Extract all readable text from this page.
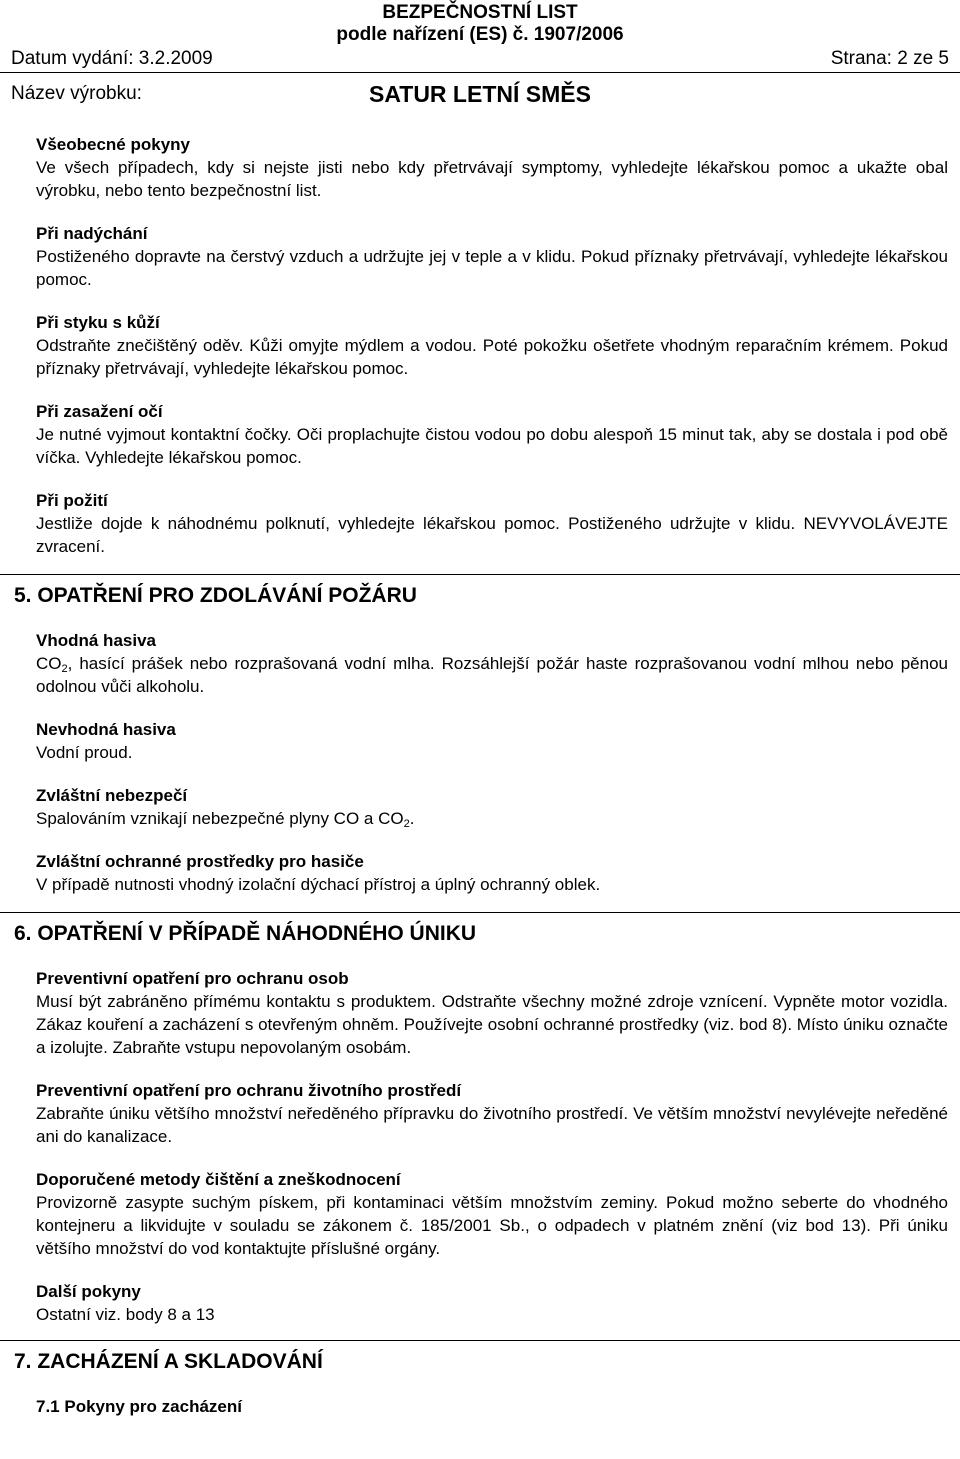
BEZPEČNOSTNÍ LIST
podle nařízení (ES) č. 1907/2006
Datum vydání: 3.2.2009	Strana: 2 ze 5
Název výrobku:	SATUR LETNÍ SMĚS
Všeobecné pokyny

Ve všech případech, kdy si nejste jisti nebo kdy přetrvávají symptomy, vyhledejte lékařskou pomoc a ukažte obal výrobku, nebo tento bezpečnostní list.

Při nadýchání

Postiženého dopravte na čerstvý vzduch a udržujte jej v teple a v klidu. Pokud příznaky přetrvávají, vyhledejte lékařskou pomoc.

Při styku s kůží

Odstraňte znečištěný oděv. Kůži omyjte mýdlem a vodou. Poté pokožku ošetřete vhodným reparačním krémem. Pokud příznaky přetrvávají, vyhledejte lékařskou pomoc.

Při zasažení očí

Je nutné vyjmout kontaktní čočky. Oči proplachujte čistou vodou po dobu alespoň 15 minut tak, aby se dostala i pod obě víčka. Vyhledejte lékařskou pomoc.

Při požití

Jestliže dojde k náhodnému polknutí, vyhledejte lékařskou pomoc. Postiženého udržujte v klidu. NEVYVOLÁVEJTE zvracení.

5. OPATŘENÍ PRO ZDOLÁVÁNÍ POŽÁRU
Vhodná hasiva

$CO_2$, hasící prášek nebo rozprašovaná vodní mlha. Rozsáhlejší požár haste rozprašovanou vodní mlhou nebo pěnou odolnou vůči alkoholu.

Nevhodná hasiva

Vodní proud.

Zvláštní nebezpečí

Spalováním vznikají nebezpečné plyny CO a $CO_2$.

Zvláštní ochranné prostředky pro hasiče

V případě nutnosti vhodný izolační dýchací přístroj a úplný ochranný oblek.

6. OPATŘENÍ V PŘÍPADĚ NÁHODNÉHO ÚNIKU
Preventivní opatření pro ochranu osob

Musí být zabráněno přímému kontaktu s produktem. Odstraňte všechny možné zdroje vznícení. Vypněte motor vozidla. Zákaz kouření a zacházení s otevřeným ohněm. Používejte osobní ochranné prostředky (viz. bod 8). Místo úniku označte a izolujte. Zabraňte vstupu nepovolaným osobám.

Preventivní opatření pro ochranu životního prostředí

Zabraňte úniku většího množství neředěného přípravku do životního prostředí. Ve větším množství nevylévejte neředěné ani do kanalizace.

Doporučené metody čištění a zneškodnocení

Provizorně zasypte suchým pískem, při kontaminaci větším množstvím zeminy. Pokud možno seberte do vhodného kontejneru a likvidujte v souladu se zákonem č. 185/2001 Sb., o odpadech v platném znění (viz bod 13). Při úniku většího množství do vod kontaktujte příslušné orgány.

Další pokyny

Ostatní viz. body 8 a 13

7. ZACHÁZENÍ A SKLADOVÁNÍ
7.1 Pokyny pro zacházení
